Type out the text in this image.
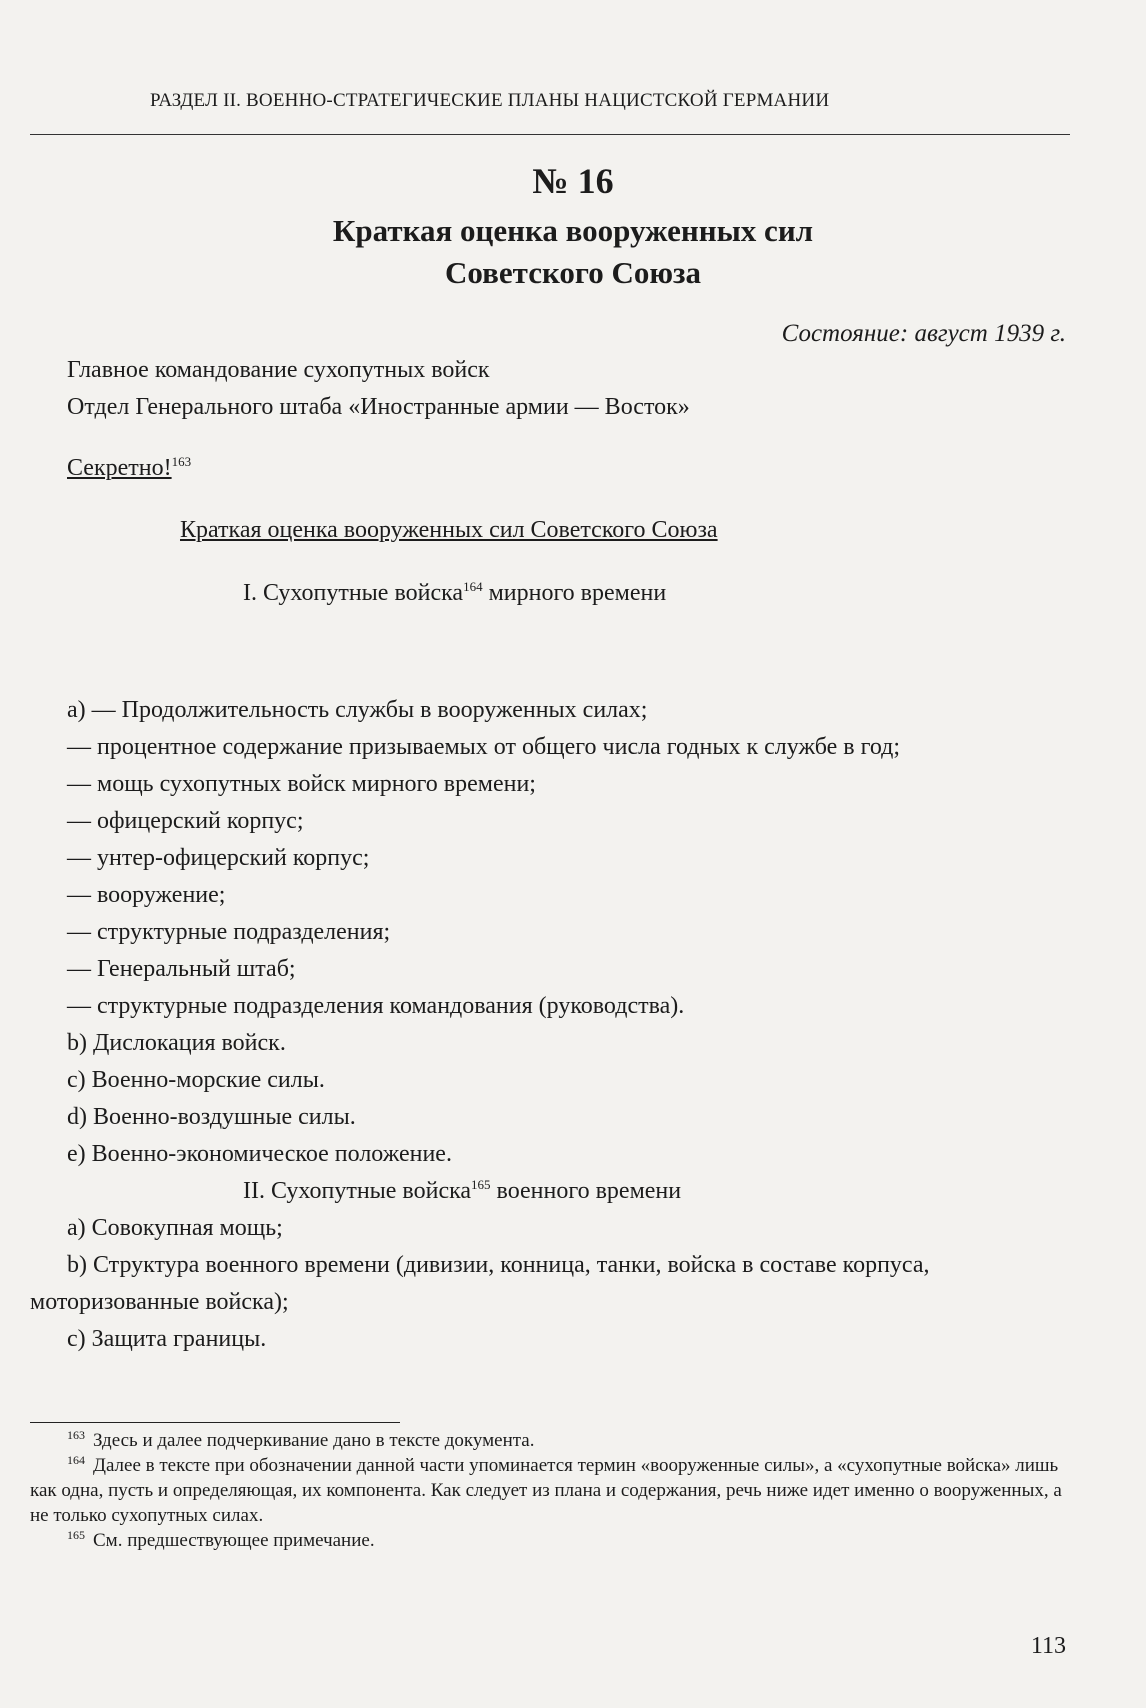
РАЗДЕЛ II. ВОЕННО-СТРАТЕГИЧЕСКИЕ ПЛАНЫ НАЦИСТСКОЙ ГЕРМАНИИ
№ 16
Краткая оценка вооруженных сил
Советского Союза
Состояние: август 1939 г.
Главное командование сухопутных войск
Отдел Генерального штаба «Иностранные армии — Восток»
Секретно!$^{163}$
Краткая оценка вооруженных сил Советского Союза
I. Сухопутные войска$^{164}$ мирного времени
а) — Продолжительность службы в вооруженных силах;
— процентное содержание призываемых от общего числа годных к службе в год;
— мощь сухопутных войск мирного времени;
— офицерский корпус;
— унтер-офицерский корпус;
— вооружение;
— структурные подразделения;
— Генеральный штаб;
— структурные подразделения командования (руководства).
b) Дислокация войск.
c) Военно-морские силы.
d) Военно-воздушные силы.
e) Военно-экономическое положение.
II. Сухопутные войска$^{165}$ военного времени
а) Совокупная мощь;
b) Структура военного времени (дивизии, конница, танки, войска в составе корпуса, моторизованные войска);
c) Защита границы.
$^{163}$ Здесь и далее подчеркивание дано в тексте документа.
$^{164}$ Далее в тексте при обозначении данной части упоминается термин «вооруженные силы», а «сухопутные войска» лишь как одна, пусть и определяющая, их компонента. Как следует из плана и содержания, речь ниже идет именно о вооруженных, а не только сухопутных силах.
$^{165}$ См. предшествующее примечание.
113
